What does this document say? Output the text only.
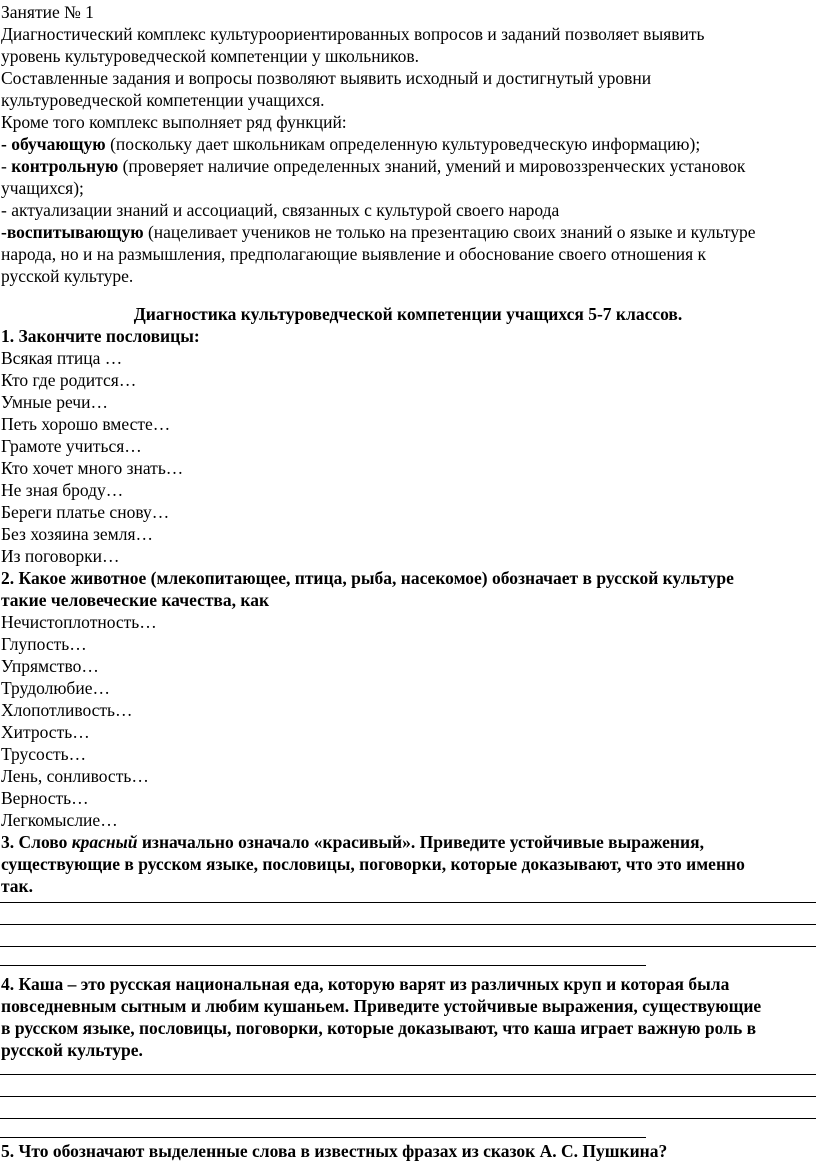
Занятие № 1
Диагностический комплекс культуроориентированных вопросов и заданий позволяет выявить
уровень культуроведческой компетенции у школьников.
Составленные задания и вопросы позволяют выявить исходный и достигнутый уровни
культуроведческой компетенции учащихся.
Кроме того комплекс выполняет ряд функций:
- обучающую (поскольку дает школьникам определенную культуроведческую информацию);
- контрольную (проверяет наличие определенных знаний, умений и мировоззренческих установок
учащихся);
- актуализации знаний и ассоциаций, связанных с культурой своего народа
-воспитывающую (нацеливает учеников не только на презентацию своих знаний о языке и культуре
народа, но и на размышления, предполагающие выявление и обоснование своего отношения к
русской культуре.
Диагностика культуроведческой компетенции учащихся 5-7 классов.
1. Закончите пословицы:
Всякая птица …
Кто где родится…
Умные речи…
Петь хорошо вместе…
Грамоте учиться…
Кто хочет много знать…
Не зная броду…
Береги платье снову…
Без хозяина земля…
Из поговорки…
2. Какое животное (млекопитающее, птица, рыба, насекомое) обозначает в русской культуре
такие человеческие качества, как
Нечистоплотность…
Глупость…
Упрямство…
Трудолюбие…
Хлопотливость…
Хитрость…
Трусость…
Лень, сонливость…
Верность…
Легкомыслие…
3. Слово красный изначально означало «красивый». Приведите устойчивые выражения,
существующие в русском языке, пословицы, поговорки, которые доказывают, что это именно
так.
4. Каша – это русская национальная еда, которую варят из различных круп и которая была
повседневным сытным и любим кушаньем. Приведите устойчивые выражения, существующие
в русском языке, пословицы, поговорки, которые доказывают, что каша играет важную роль в
русской культуре.
5. Что обозначают выделенные слова в известных фразах из сказок А. С. Пушкина?
